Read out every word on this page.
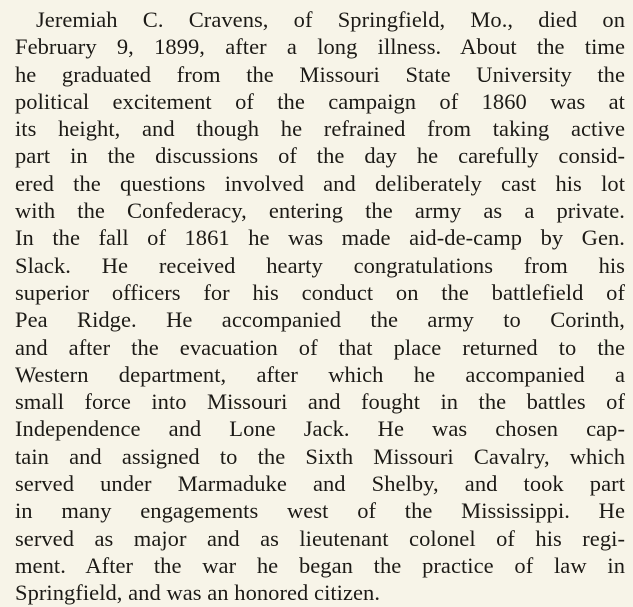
Jeremiah C. Cravens, of Springfield, Mo., died on
February 9, 1899, after a long illness. About the time
he graduated from the Missouri State University the
political excitement of the campaign of 1860 was at
its height, and though he refrained from taking active
part in the discussions of the day he carefully consid-
ered the questions involved and deliberately cast his lot
with the Confederacy, entering the army as a private.
In the fall of 1861 he was made aid-de-camp by Gen.
Slack. He received hearty congratulations from his
superior officers for his conduct on the battlefield of
Pea Ridge. He accompanied the army to Corinth,
and after the evacuation of that place returned to the
Western department, after which he accompanied a
small force into Missouri and fought in the battles of
Independence and Lone Jack. He was chosen cap-
tain and assigned to the Sixth Missouri Cavalry, which
served under Marmaduke and Shelby, and took part
in many engagements west of the Mississippi. He
served as major and as lieutenant colonel of his regi-
ment. After the war he began the practice of law in
Springfield, and was an honored citizen.
